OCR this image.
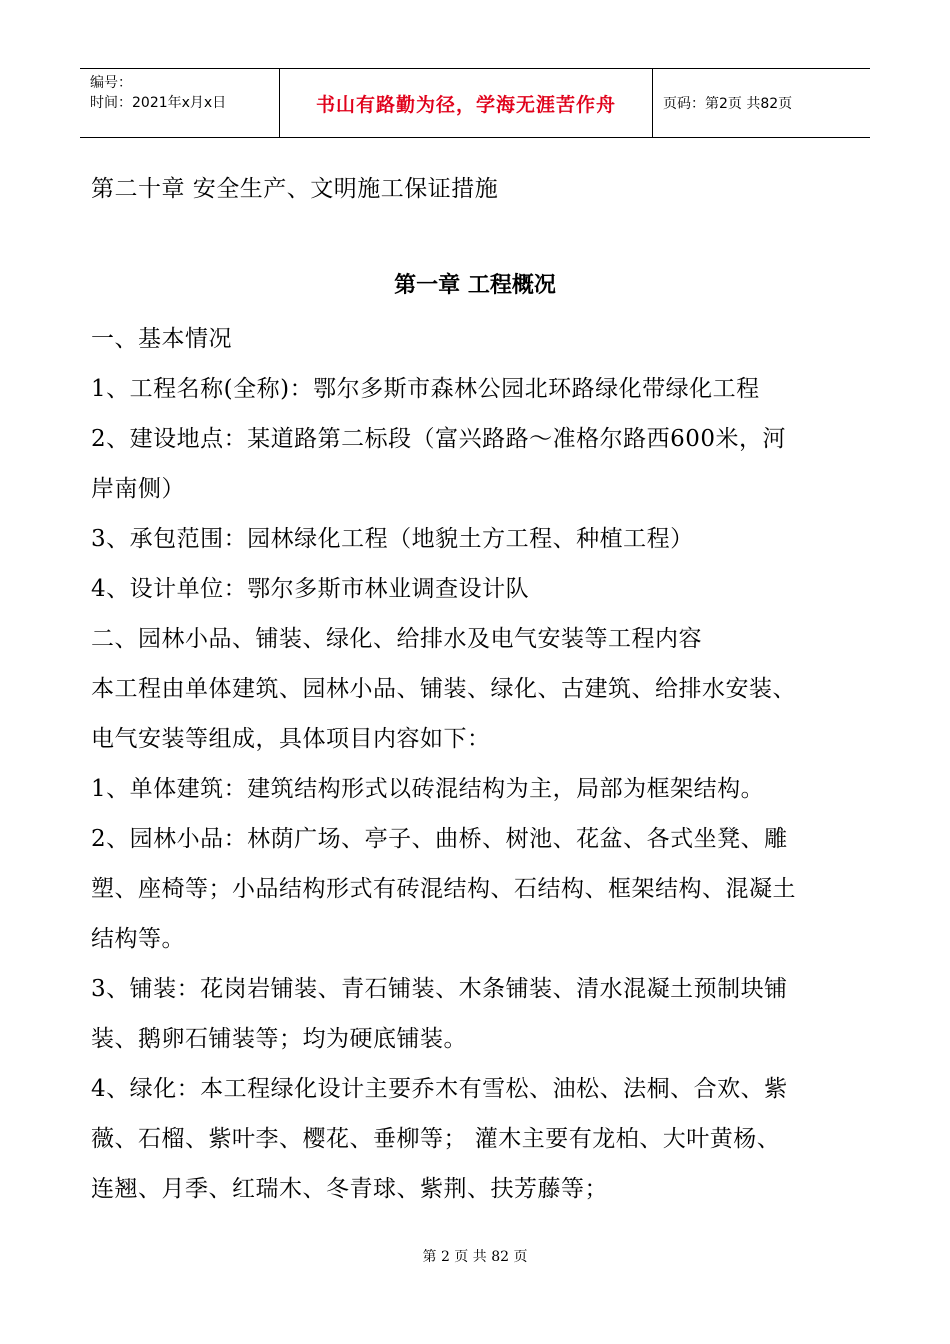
编号：
时间：2021年x月x日	书山有路勤为径，学海无涯苦作舟	页码：第2页 共82页
第二十章 安全生产、文明施工保证措施
第一章 工程概况
一、基本情况
1、工程名称(全称)：鄂尔多斯市森林公园北环路绿化带绿化工程
2、建设地点：某道路第二标段（富兴路路～准格尔路西600米，河
岸南侧）
3、承包范围：园林绿化工程（地貌土方工程、种植工程）
4、设计单位：鄂尔多斯市林业调查设计队
二、园林小品、铺装、绿化、给排水及电气安装等工程内容
本工程由单体建筑、园林小品、铺装、绿化、古建筑、给排水安装、
电气安装等组成，具体项目内容如下：
1、单体建筑：建筑结构形式以砖混结构为主，局部为框架结构。
2、园林小品：林荫广场、亭子、曲桥、树池、花盆、各式坐凳、雕
塑、座椅等；小品结构形式有砖混结构、石结构、框架结构、混凝土
结构等。
3、铺装：花岗岩铺装、青石铺装、木条铺装、清水混凝土预制块铺
装、鹅卵石铺装等；均为硬底铺装。
4、绿化：本工程绿化设计主要乔木有雪松、油松、法桐、合欢、紫
薇、石榴、紫叶李、樱花、垂柳等； 灌木主要有龙柏、大叶黄杨、
连翘、月季、红瑞木、冬青球、紫荆、扶芳藤等；
第 2 页 共 82 页
